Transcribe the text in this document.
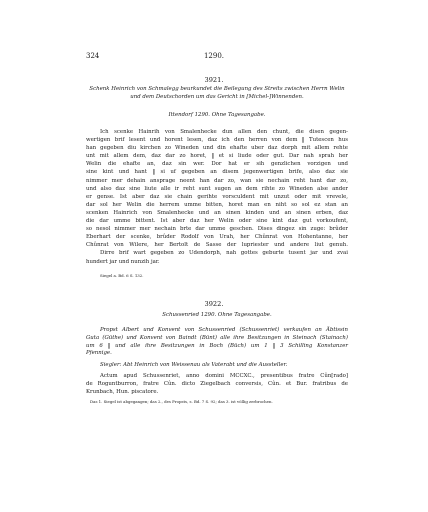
324	1290.
3921.
Schenk Heinrich von Schmalegg beurkundet die Beilegung des Streits zwischen Herrn Welin
und dem Deutschorden um das Gericht in [Michel-]Winnenden.
Ittendorf 1290. Ohne Tagesangabe.
Ich scenke Hainrih von Smalenhecke dun allen den chunt, die disen gegen-
wertigen brif lesent und horent lesen, daz ich den herren von dem ‖ Tutescen hus
han gegeben diu kirchen zo Wineden und din ehafte uber daz dorph mit allem rehte
unt mit allem dem, daz dar zo horet, ‖ et si liude oder gut. Dar nah sprah her
Welin die ehafte an, daz sin wer. Dor hat er sih genzlichen vorzigen und
sine kint und hant ‖ si uf gegeben an disem jegenwertigen brife, also daz sie
nimmer mer dehain ansprage neent han dar zo, wan sie nechain reht hant dar zo,
und also daz sine liute alle ir reht sunt sugen an dem rihte zo Wineden alse ander
er gense. Ist aber daz sie chain gerihte vorsculdent mit unzut oder mit vrevele,
dar sol her Welin die herrem umme bitten, horet man en niht so sol ez stan an
scenken Hainrich von Smalenhecke und an sinen kinden und an sinen erben, daz
die dar umme bittent. Ist aber daz her Welin oder sine kint daz gut vorkoufent,
so nesol nimmer mer nechain brte dar umme geschen. Dises dingez sin zuge: brûder
Eberhart der scenke, brûder Rodolf von Urah, her Chûnrat von Hohentanne, her
Chûnrat von Wilere, her Bertolt de Sasse der lupriester und andere liut genuh.
Dirre brif wart gegeben zo Udendorph, nah gottes geburte tusent jar und zvai
hundert jar und nunzih jar.
Siegel a. Bd. 6 S. 132.
3922.
Schussenried 1290. Ohne Tagesangabe.
Propst Albert und Konvent von Schussenried (Schussenriet) verkaufen an Äbtissin
Guta (Güthe) und Konvent von Baindt (Bünt) alle ihre Besitzungen in Steinach (Stainach)
um 6 ‖ und alle ihre Besitzungen in Boch (Büch) um 1 ‖ 3 Schilling Konstanzer
Pfennige.
Siegler: Abt Heinrich von Weissenau als Vaterabt und die Aussteller.
Actum apud Schussenriet, anno domini MCCXC., presentibus fratre Cûn[rado]
de Roguntburron, fratre Cûn. dicto Ziegelbach conversis, Cûn. et Bur. fratribus de
Krunbach, Hun. piscatore.
Das 1. Siegel ist abgegangen; das 2., des Propsts, s. Bd. 7 S. 92; das 3. ist völlig zerbrochen.
